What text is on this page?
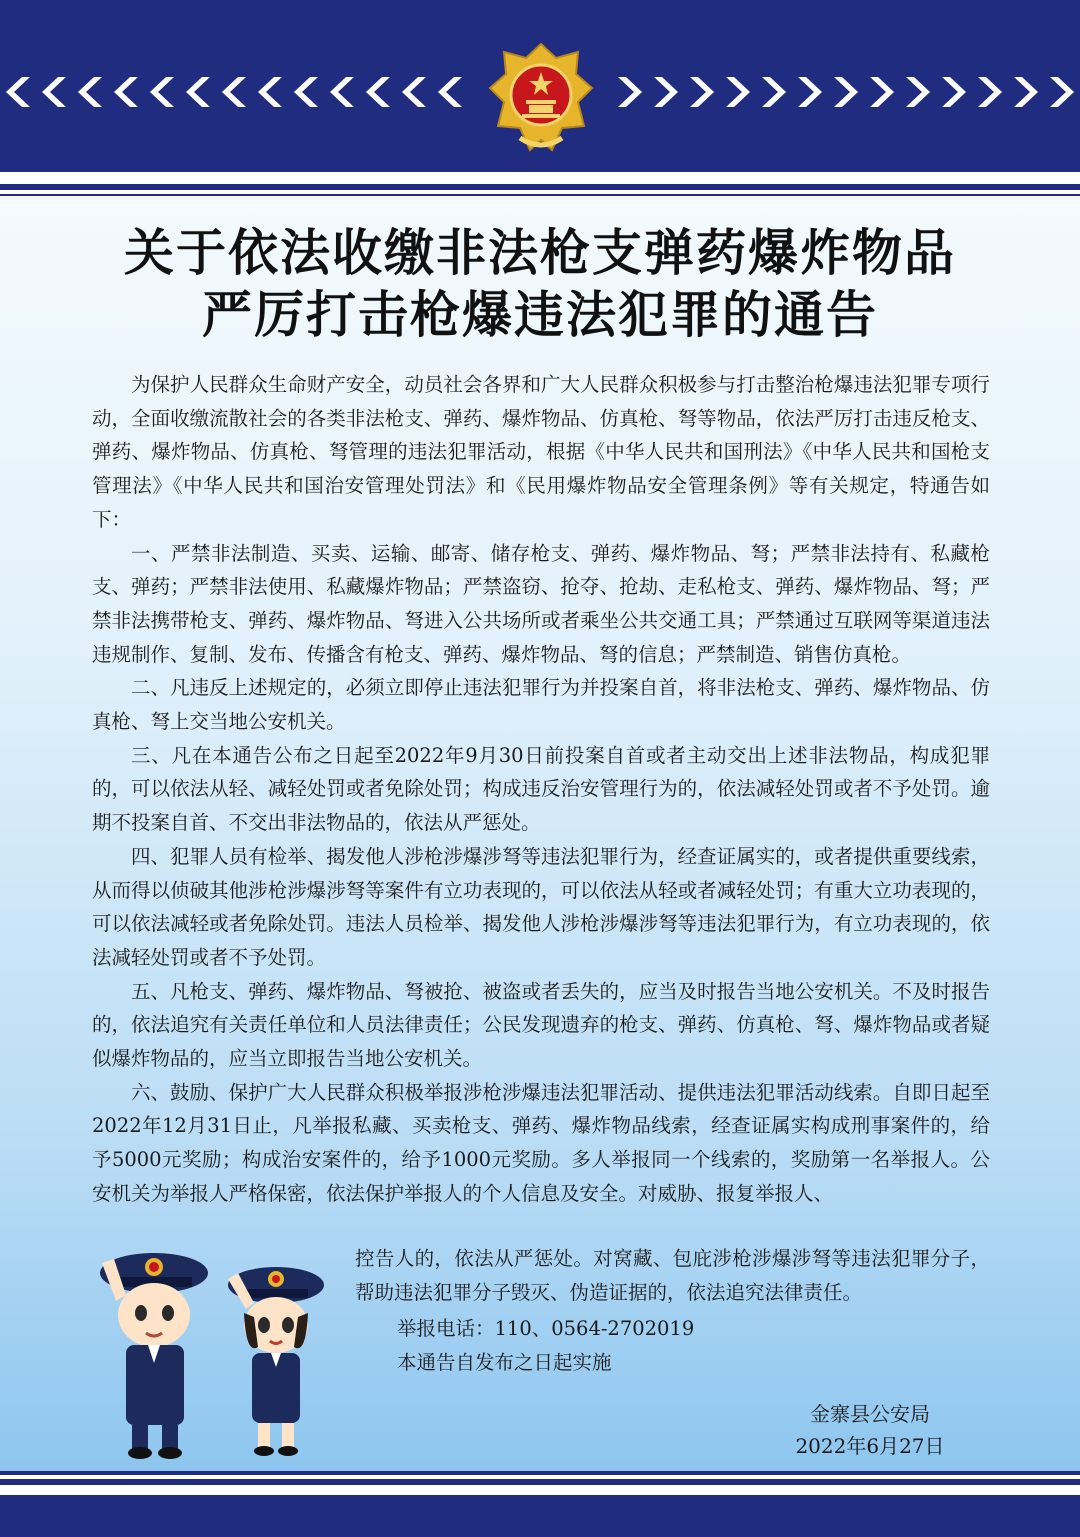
关于依法收缴非法枪支弹药爆炸物品
严厉打击枪爆违法犯罪的通告

为保护人民群众生命财产安全，动员社会各界和广大人民群众积极参与打击整治枪爆违法犯罪专项行动，全面收缴流散社会的各类非法枪支、弹药、爆炸物品、仿真枪、弩等物品，依法严厉打击违反枪支、弹药、爆炸物品、仿真枪、弩管理的违法犯罪活动，根据《中华人民共和国刑法》《中华人民共和国枪支管理法》《中华人民共和国治安管理处罚法》和《民用爆炸物品安全管理条例》等有关规定，特通告如下：

一、严禁非法制造、买卖、运输、邮寄、储存枪支、弹药、爆炸物品、弩；严禁非法持有、私藏枪支、弹药；严禁非法使用、私藏爆炸物品；严禁盗窃、抢夺、抢劫、走私枪支、弹药、爆炸物品、弩；严禁非法携带枪支、弹药、爆炸物品、弩进入公共场所或者乘坐公共交通工具；严禁通过互联网等渠道违法违规制作、复制、发布、传播含有枪支、弹药、爆炸物品、弩的信息；严禁制造、销售仿真枪。

二、凡违反上述规定的，必须立即停止违法犯罪行为并投案自首，将非法枪支、弹药、爆炸物品、仿真枪、弩上交当地公安机关。

三、凡在本通告公布之日起至2022年9月30日前投案自首或者主动交出上述非法物品，构成犯罪的，可以依法从轻、减轻处罚或者免除处罚；构成违反治安管理行为的，依法减轻处罚或者不予处罚。逾期不投案自首、不交出非法物品的，依法从严惩处。

四、犯罪人员有检举、揭发他人涉枪涉爆涉弩等违法犯罪行为，经查证属实的，或者提供重要线索，从而得以侦破其他涉枪涉爆涉弩等案件有立功表现的，可以依法从轻或者减轻处罚；有重大立功表现的，可以依法减轻或者免除处罚。违法人员检举、揭发他人涉枪涉爆涉弩等违法犯罪行为，有立功表现的，依法减轻处罚或者不予处罚。

五、凡枪支、弹药、爆炸物品、弩被抢、被盗或者丢失的，应当及时报告当地公安机关。不及时报告的，依法追究有关责任单位和人员法律责任；公民发现遗弃的枪支、弹药、仿真枪、弩、爆炸物品或者疑似爆炸物品的，应当立即报告当地公安机关。

六、鼓励、保护广大人民群众积极举报涉枪涉爆违法犯罪活动、提供违法犯罪活动线索。自即日起至2022年12月31日止，凡举报私藏、买卖枪支、弹药、爆炸物品线索，经查证属实构成刑事案件的，给予5000元奖励；构成治安案件的，给予1000元奖励。多人举报同一个线索的，奖励第一名举报人。公安机关为举报人严格保密，依法保护举报人的个人信息及安全。对威胁、报复举报人、

控告人的，依法从严惩处。对窝藏、包庇涉枪涉爆涉弩等违法犯罪分子，帮助违法犯罪分子毁灭、伪造证据的，依法追究法律责任。
举报电话：110、0564-2702019
本通告自发布之日起实施
金寨县公安局
2022年6月27日
